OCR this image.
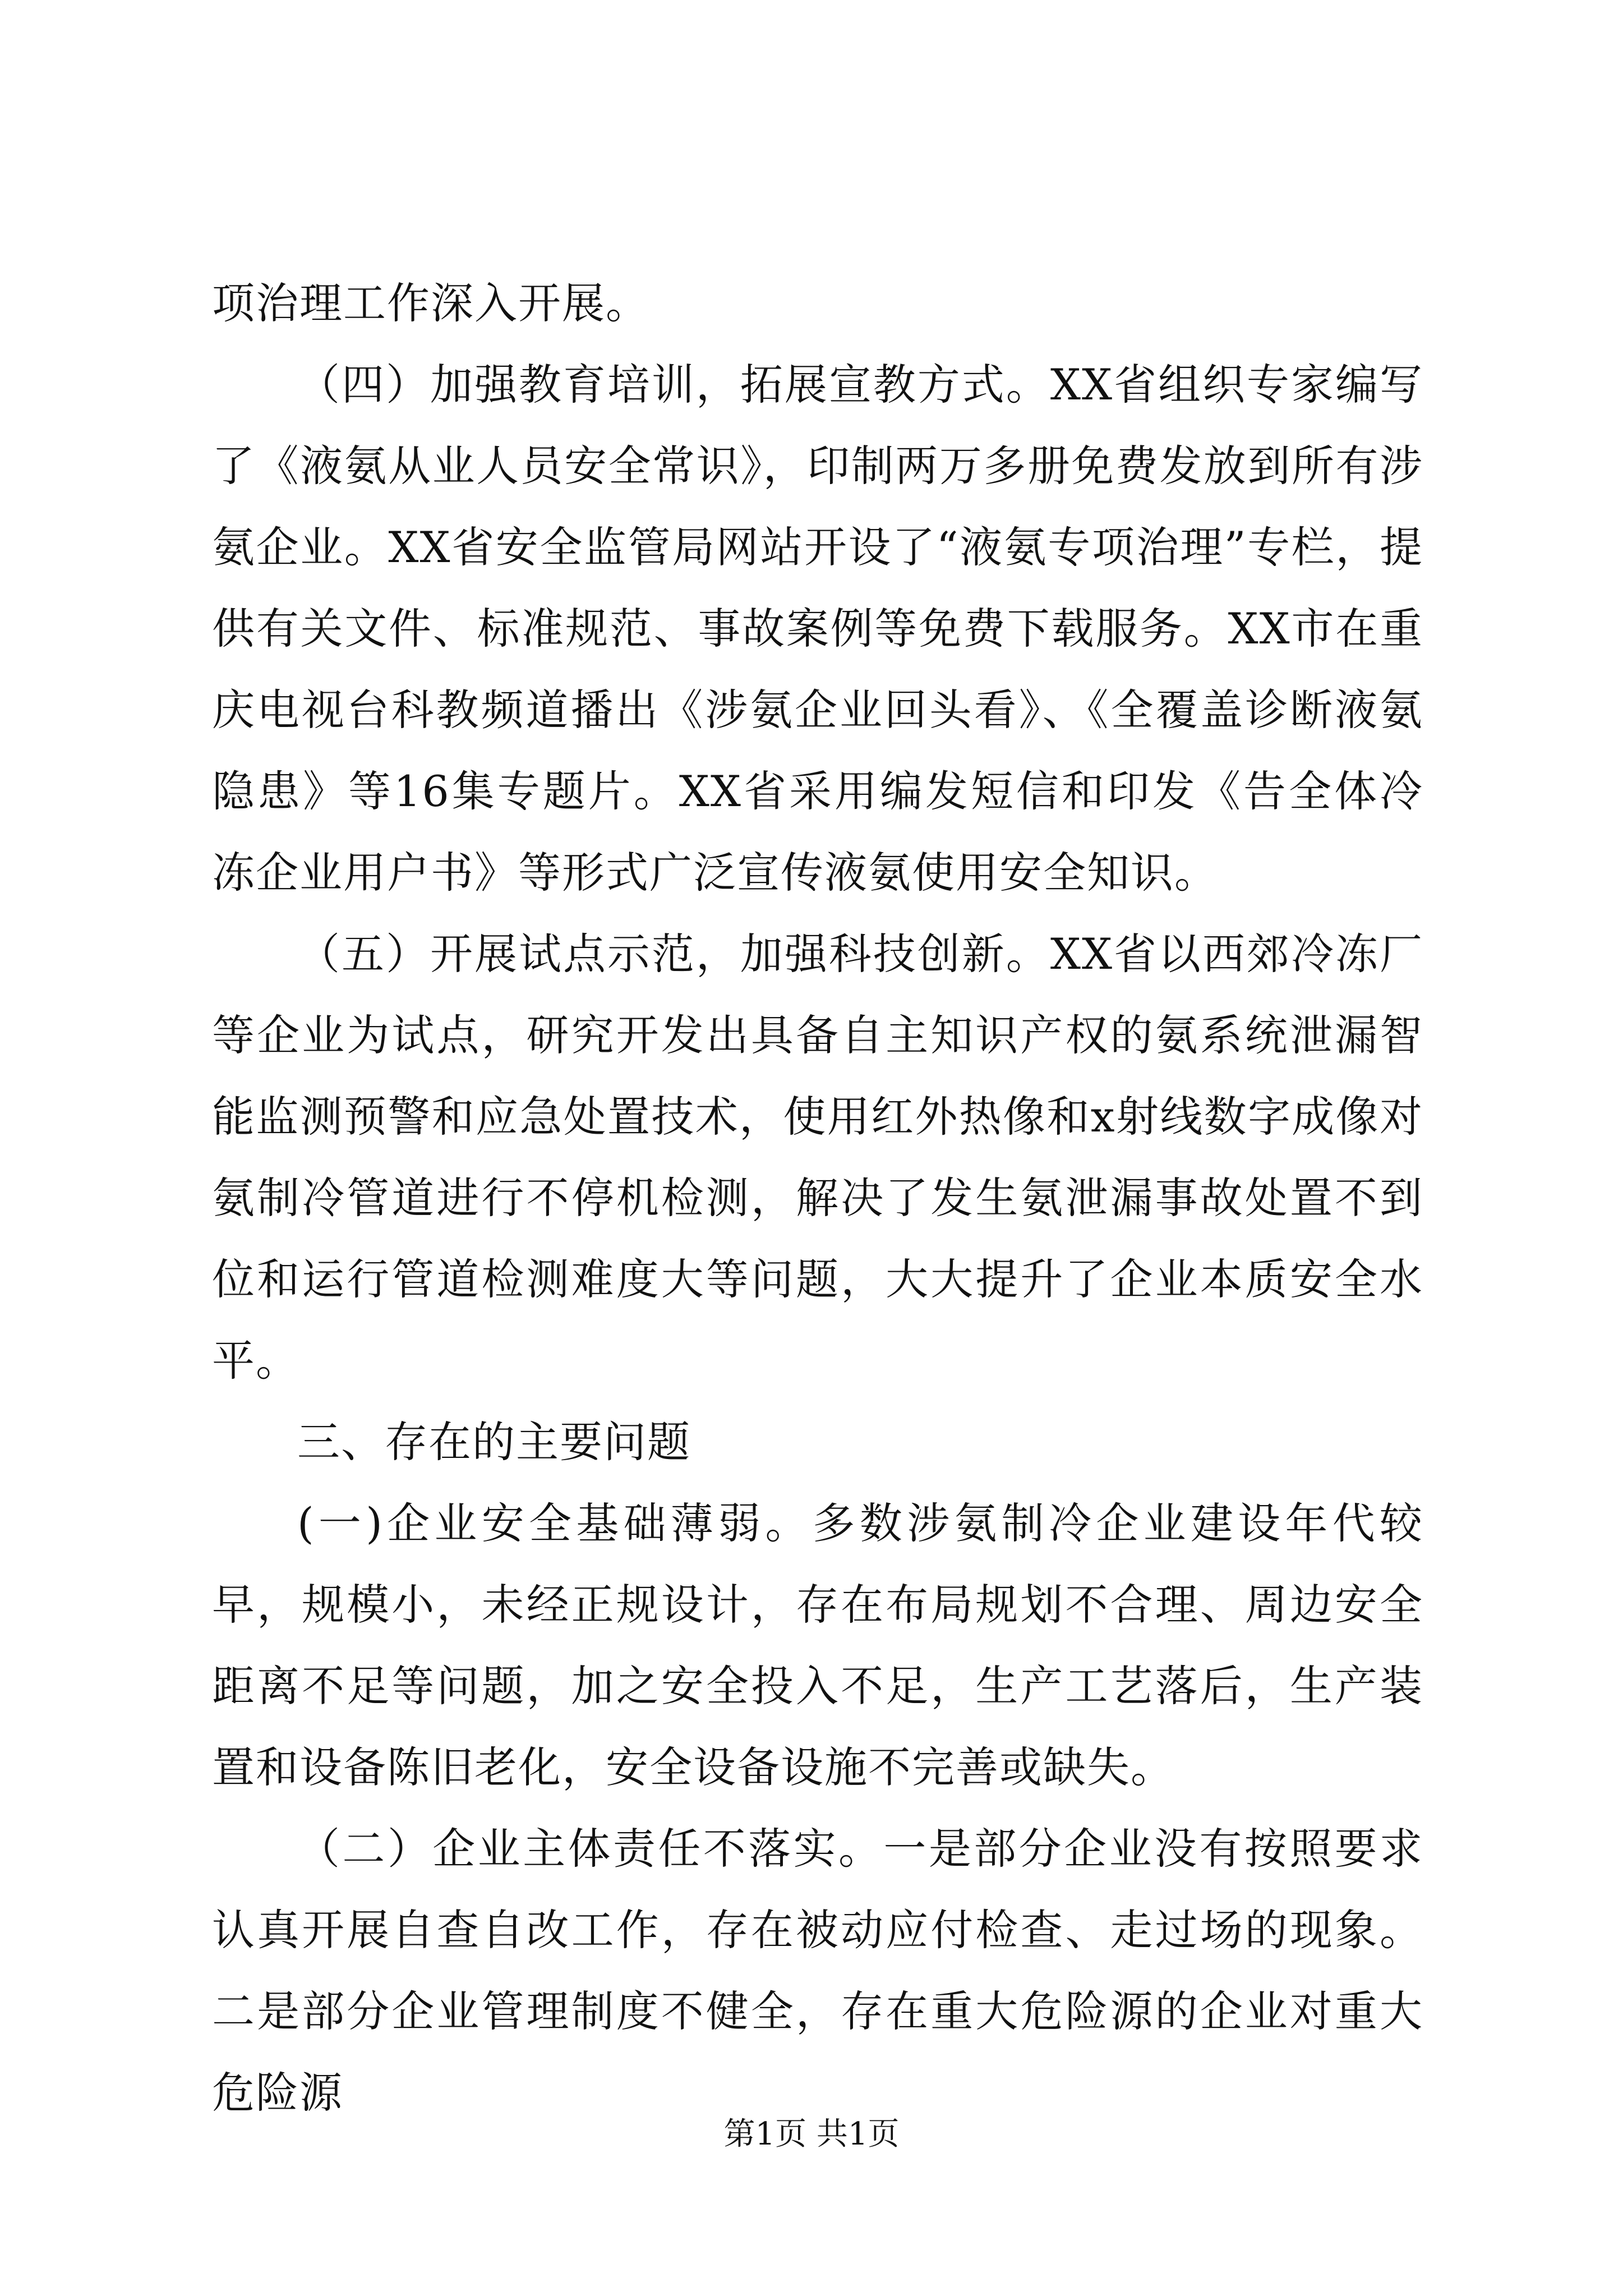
项治理工作深入开展。

（四）加强教育培训，拓展宣教方式。XX省组织专家编写了《液氨从业人员安全常识》，印制两万多册免费发放到所有涉氨企业。XX省安全监管局网站开设了“液氨专项治理”专栏，提供有关文件、标准规范、事故案例等免费下载服务。XX市在重庆电视台科教频道播出《涉氨企业回头看》、《全覆盖诊断液氨隐患》等16集专题片。XX省采用编发短信和印发《告全体冷冻企业用户书》等形式广泛宣传液氨使用安全知识。

（五）开展试点示范，加强科技创新。XX省以西郊冷冻厂等企业为试点，研究开发出具备自主知识产权的氨系统泄漏智能监测预警和应急处置技术，使用红外热像和x射线数字成像对氨制冷管道进行不停机检测，解决了发生氨泄漏事故处置不到位和运行管道检测难度大等问题，大大提升了企业本质安全水平。

三、存在的主要问题

(一)企业安全基础薄弱。多数涉氨制冷企业建设年代较早，规模小，未经正规设计，存在布局规划不合理、周边安全距离不足等问题，加之安全投入不足，生产工艺落后，生产装置和设备陈旧老化，安全设备设施不完善或缺失。

（二）企业主体责任不落实。一是部分企业没有按照要求认真开展自查自改工作，存在被动应付检查、走过场的现象。二是部分企业管理制度不健全，存在重大危险源的企业对重大危险源

第1页 共1页
